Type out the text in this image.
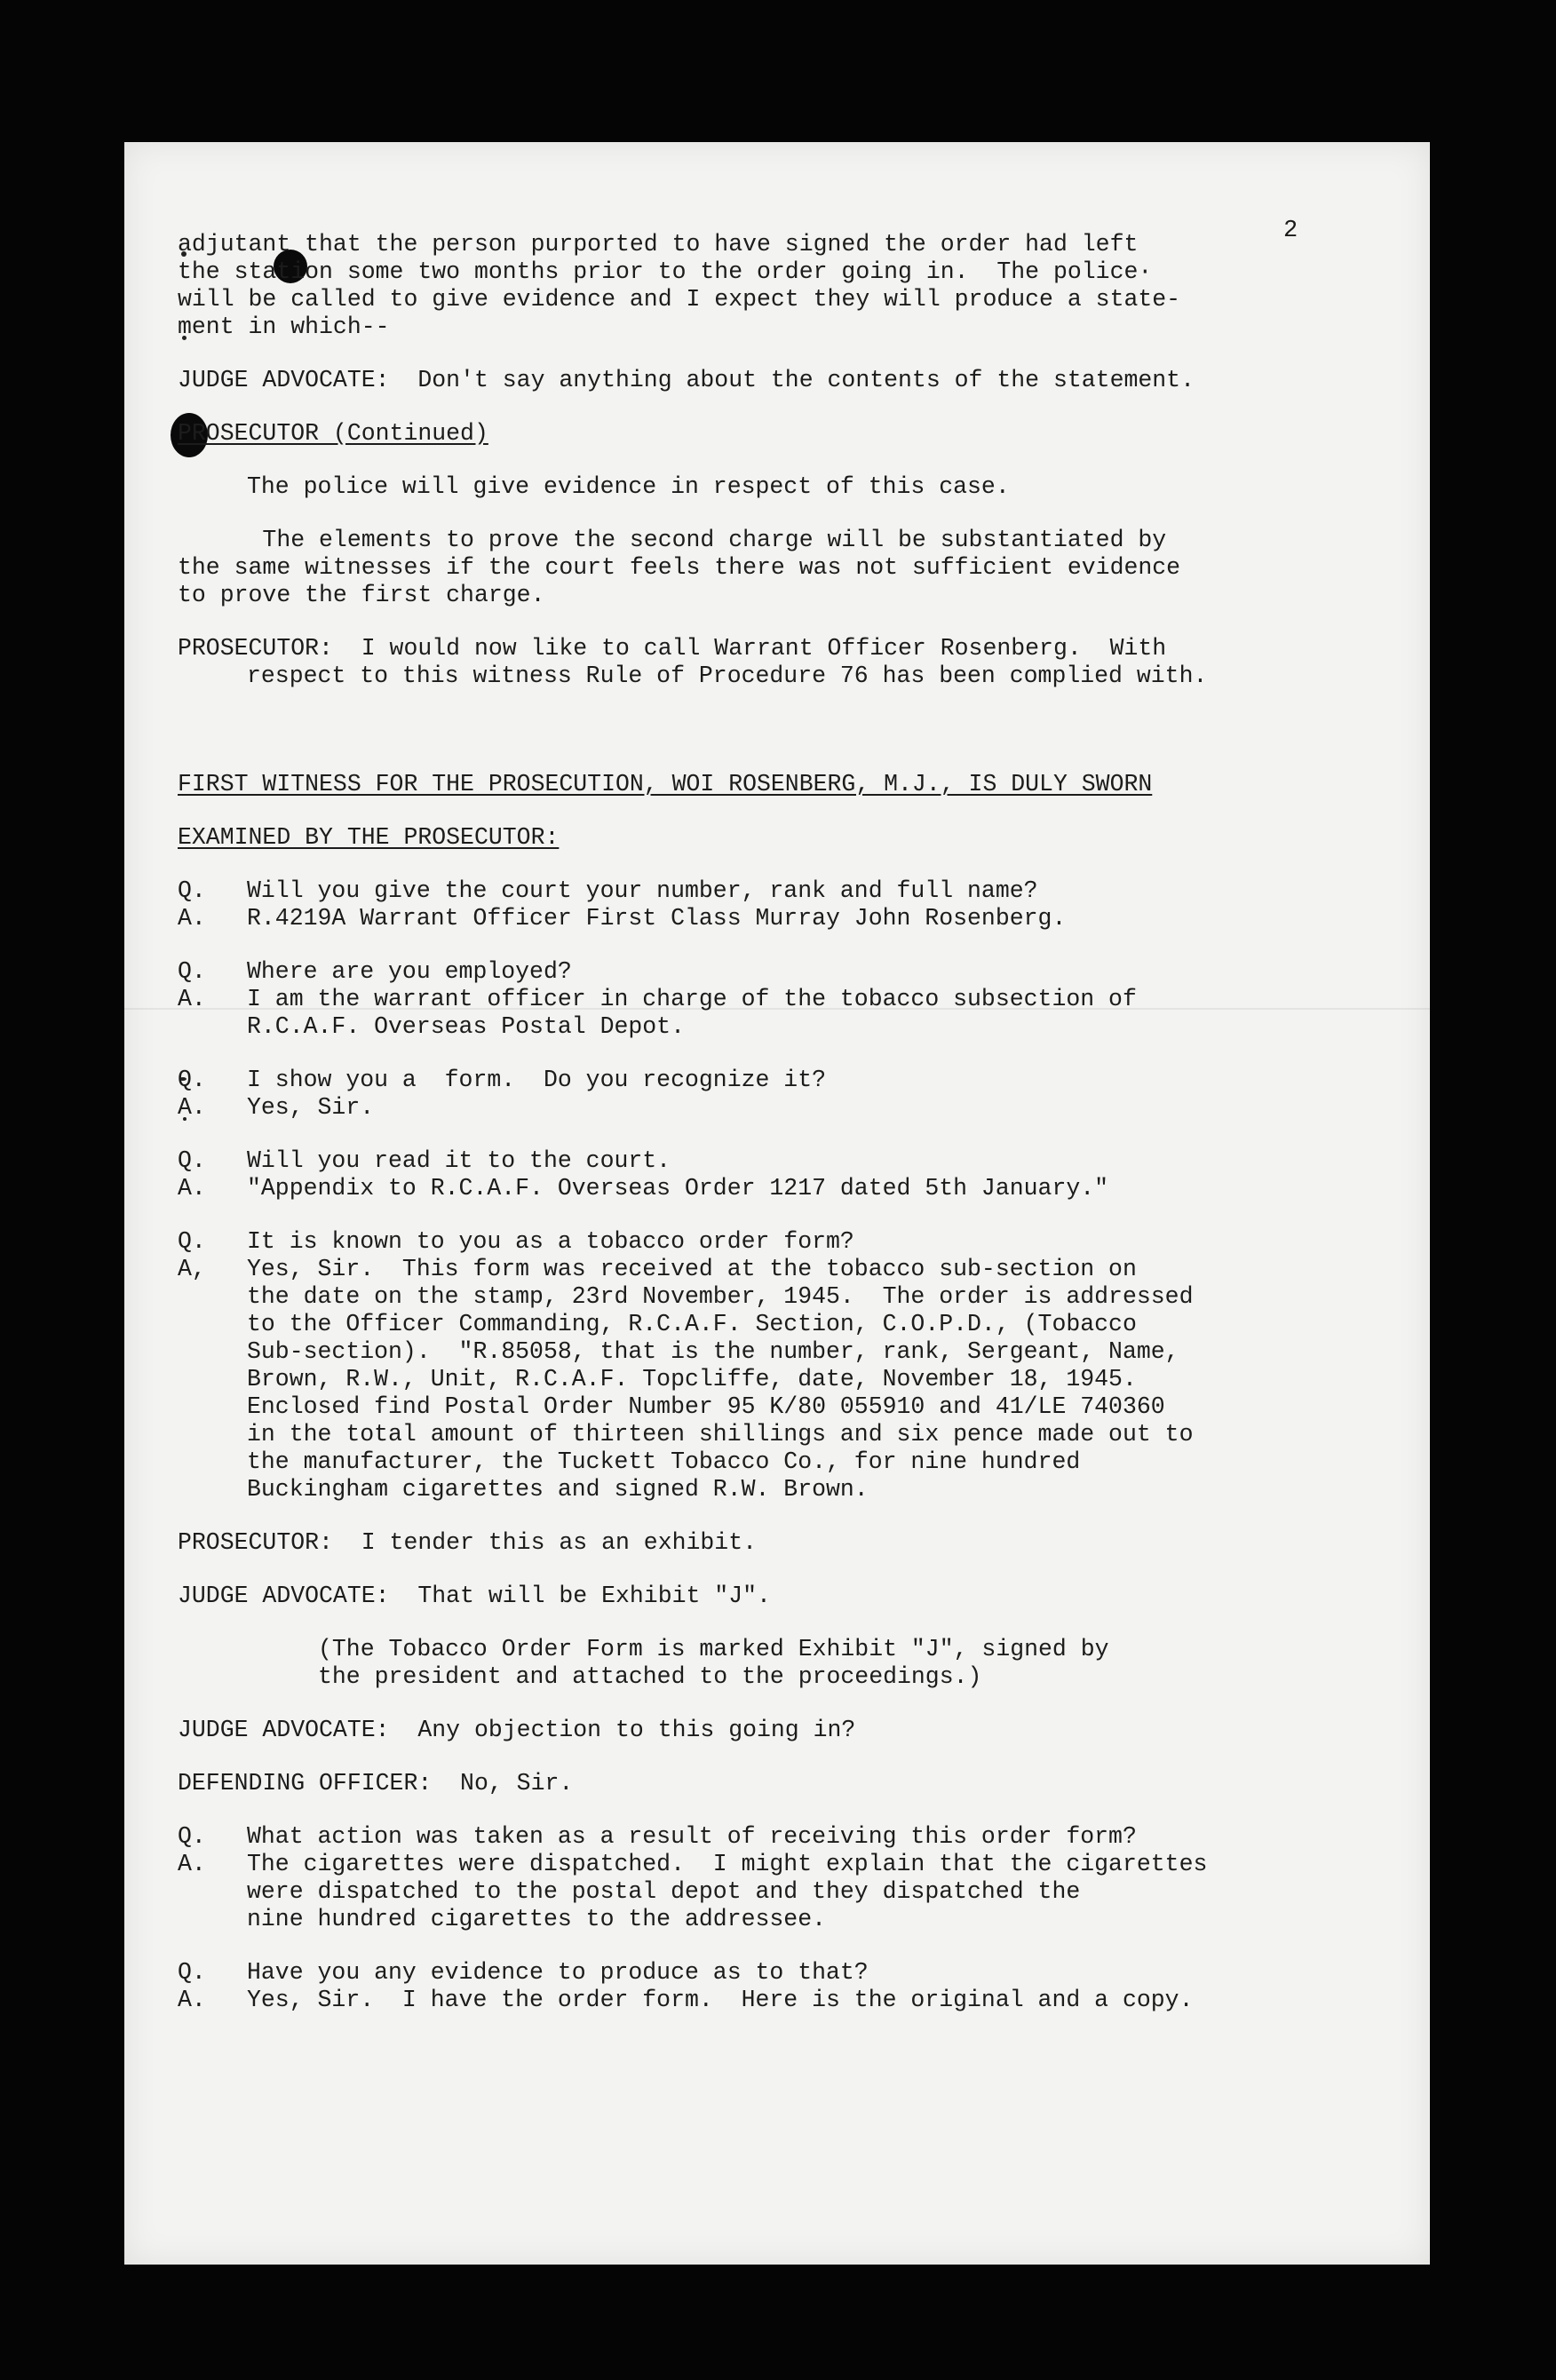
2
adjutant that the person purported to have signed the order had left
the station some two months prior to the order going in.  The police·
will be called to give evidence and I expect they will produce a state-
ment in which--
JUDGE ADVOCATE:  Don't say anything about the contents of the statement.
PROSECUTOR (Continued)
The police will give evidence in respect of this case.
The elements to prove the second charge will be substantiated by
the same witnesses if the court feels there was not sufficient evidence
to prove the first charge.
PROSECUTOR:  I would now like to call Warrant Officer Rosenberg.  With
respect to this witness Rule of Procedure 76 has been complied with.
FIRST WITNESS FOR THE PROSECUTION, WOI ROSENBERG, M.J., IS DULY SWORN
EXAMINED BY THE PROSECUTOR:
Q.	Will you give the court your number, rank and full name?
A.	R.4219A Warrant Officer First Class Murray John Rosenberg.
Q.	Where are you employed?
A.	I am the warrant officer in charge of the tobacco subsection of
R.C.A.F. Overseas Postal Depot.
Q.	I show you a  form.  Do you recognize it?
A.	Yes, Sir.
Q.	Will you read it to the court.
A.	"Appendix to R.C.A.F. Overseas Order 1217 dated 5th January."
Q.	It is known to you as a tobacco order form?
A,	Yes, Sir.  This form was received at the tobacco sub-section on
the date on the stamp, 23rd November, 1945.  The order is addressed
to the Officer Commanding, R.C.A.F. Section, C.O.P.D., (Tobacco
Sub-section).  "R.85058, that is the number, rank, Sergeant, Name,
Brown, R.W., Unit, R.C.A.F. Topcliffe, date, November 18, 1945.
Enclosed find Postal Order Number 95 K/80 055910 and 41/LE 740360
in the total amount of thirteen shillings and six pence made out to
the manufacturer, the Tuckett Tobacco Co., for nine hundred
Buckingham cigarettes and signed R.W. Brown.
PROSECUTOR:  I tender this as an exhibit.
JUDGE ADVOCATE:  That will be Exhibit "J".
(The Tobacco Order Form is marked Exhibit "J", signed by
the president and attached to the proceedings.)
JUDGE ADVOCATE:  Any objection to this going in?
DEFENDING OFFICER:  No, Sir.
Q.	What action was taken as a result of receiving this order form?
A.	The cigarettes were dispatched.  I might explain that the cigarettes
were dispatched to the postal depot and they dispatched the
nine hundred cigarettes to the addressee.
Q.	Have you any evidence to produce as to that?
A.	Yes, Sir.  I have the order form.  Here is the original and a copy.
